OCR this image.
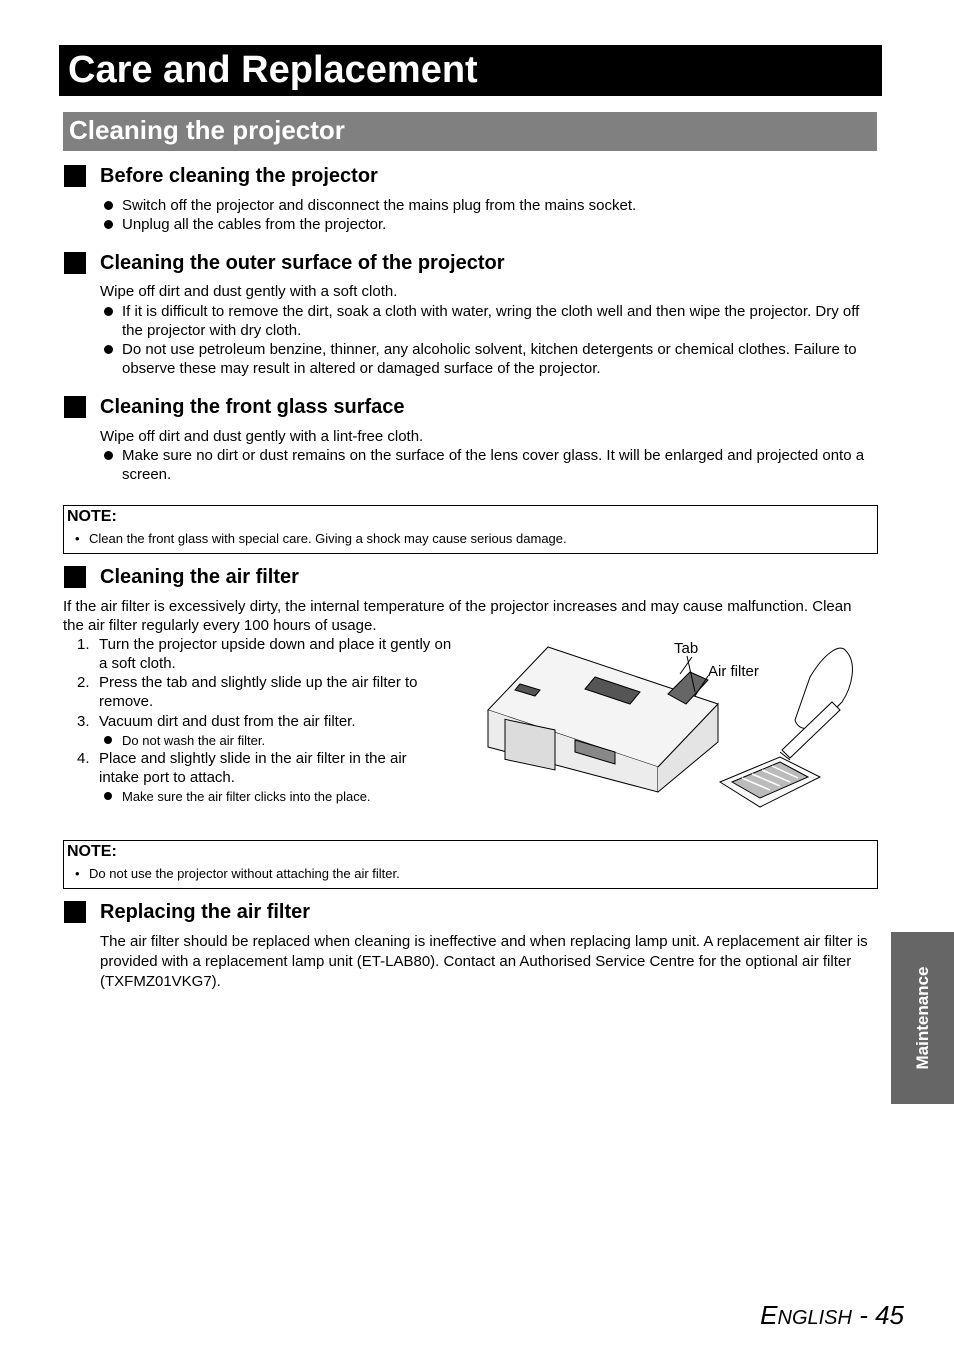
Care and Replacement
Cleaning the projector
Before cleaning the projector
Switch off the projector and disconnect the mains plug from the mains socket.
Unplug all the cables from the projector.
Cleaning the outer surface of the projector
Wipe off dirt and dust gently with a soft cloth.
If it is difficult to remove the dirt, soak a cloth with water, wring the cloth well and then wipe the projector. Dry off the projector with dry cloth.
Do not use petroleum benzine, thinner, any alcoholic solvent, kitchen detergents or chemical clothes. Failure to observe these may result in altered or damaged surface of the projector.
Cleaning the front glass surface
Wipe off dirt and dust gently with a lint-free cloth.
Make sure no dirt or dust remains on the surface of the lens cover glass. It will be enlarged and projected onto a screen.
NOTE:
• Clean the front glass with special care. Giving a shock may cause serious damage.
Cleaning the air filter
If the air filter is excessively dirty, the internal temperature of the projector increases and may cause malfunction. Clean the air filter regularly every 100 hours of usage.
1. Turn the projector upside down and place it gently on a soft cloth.
2. Press the tab and slightly slide up the air filter to remove.
3. Vacuum dirt and dust from the air filter.
Do not wash the air filter.
4. Place and slightly slide in the air filter in the air intake port to attach.
Make sure the air filter clicks into the place.
Tab
Air filter
NOTE:
• Do not use the projector without attaching the air filter.
Replacing the air filter
The air filter should be replaced when cleaning is ineffective and when replacing lamp unit. A replacement air filter is provided with a replacement lamp unit (ET-LAB80). Contact an Authorised Service Centre for the optional air filter (TXFMZ01VKG7).	Maintenance
ENGLISH - 45
